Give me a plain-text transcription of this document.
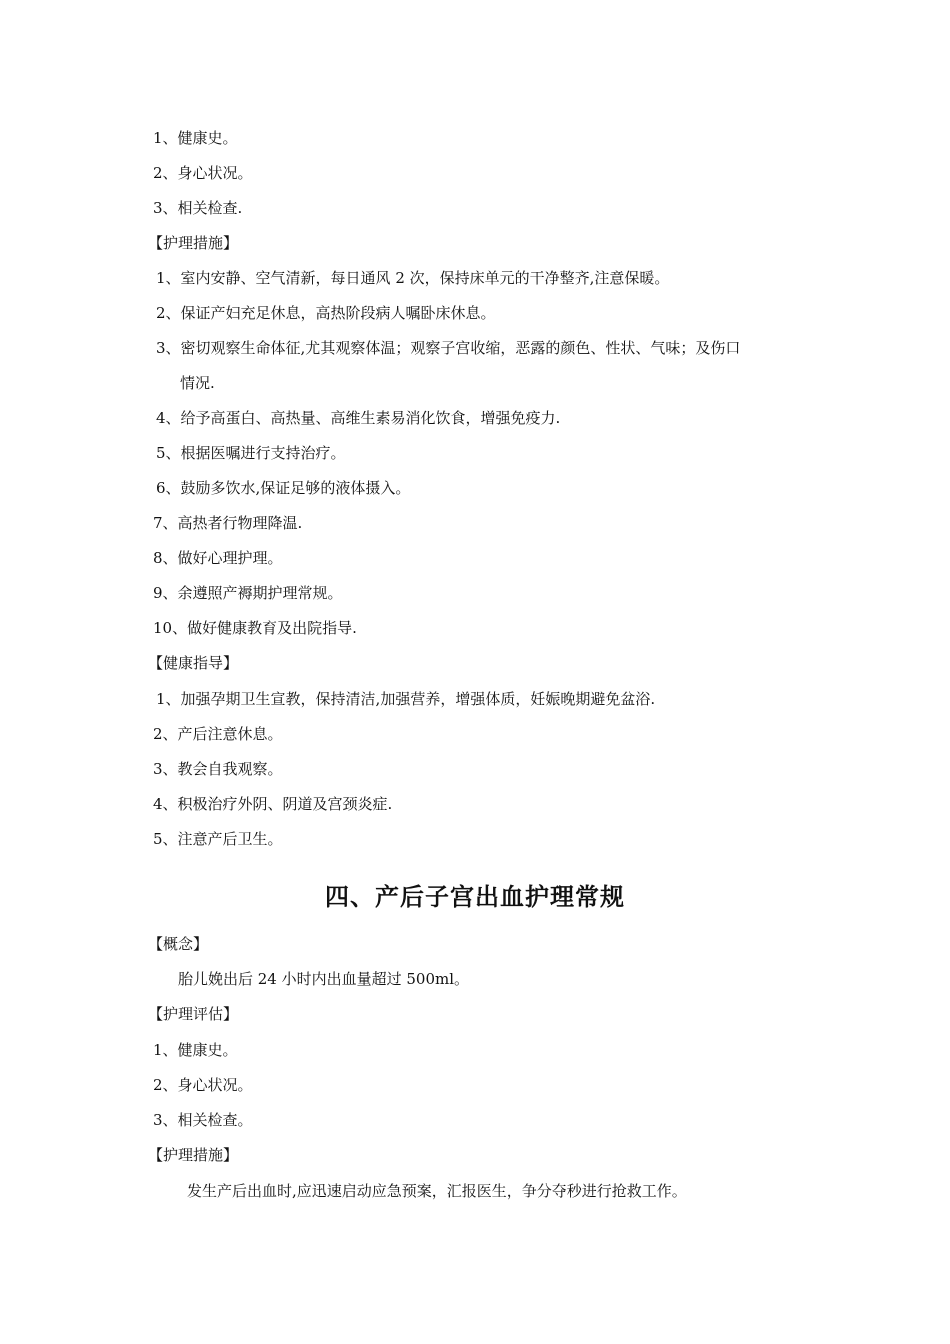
1、健康史。
2、身心状况。
3、相关检查.
【护理措施】
1、室内安静、空气清新，每日通风 2 次，保持床单元的干净整齐,注意保暖。
2、保证产妇充足休息，高热阶段病人嘱卧床休息。
3、密切观察生命体征,尤其观察体温；观察子宫收缩，恶露的颜色、性状、气味；及伤口
情况.
4、给予高蛋白、高热量、高维生素易消化饮食，增强免疫力.
5、根据医嘱进行支持治疗。
6、鼓励多饮水,保证足够的液体摄入。
7、高热者行物理降温.
8、做好心理护理。
9、余遵照产褥期护理常规。
10、做好健康教育及出院指导.
【健康指导】
1、加强孕期卫生宣教，保持清洁,加强营养，增强体质，妊娠晚期避免盆浴.
2、产后注意休息。
3、教会自我观察。
4、积极治疗外阴、阴道及宫颈炎症.
5、注意产后卫生。
四、产后子宫出血护理常规
【概念】
胎儿娩出后 24 小时内出血量超过 500ml。
【护理评估】
1、健康史。
2、身心状况。
3、相关检查。
【护理措施】
发生产后出血时,应迅速启动应急预案，汇报医生，争分夺秒进行抢救工作。
